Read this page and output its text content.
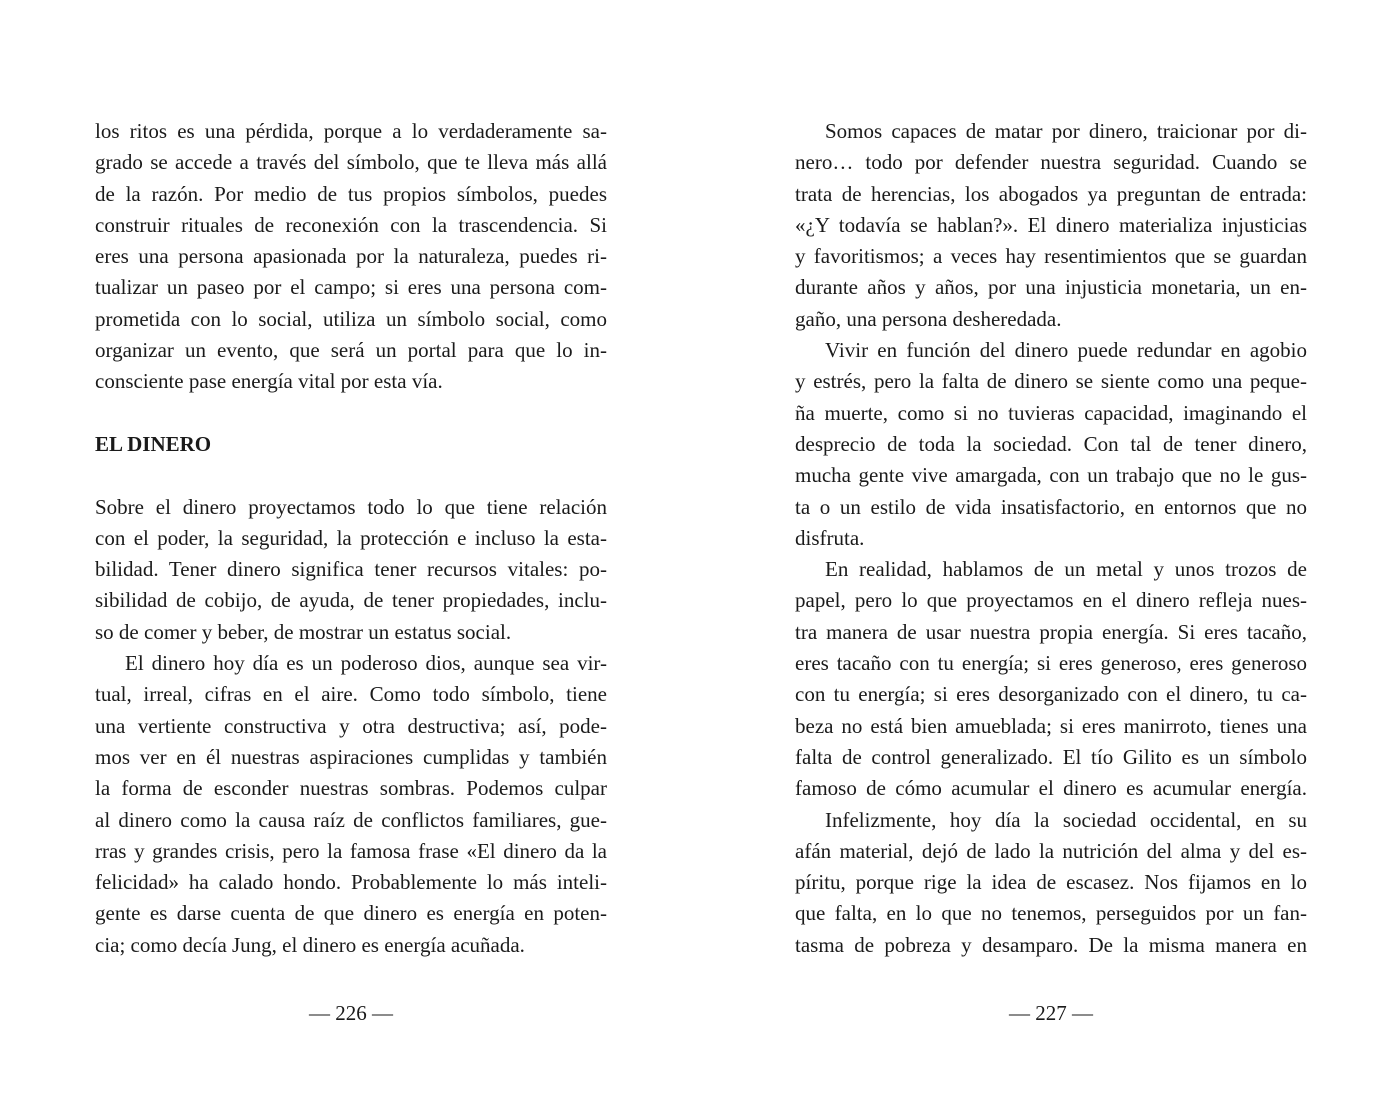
los ritos es una pérdida, porque a lo verdaderamente sa-
grado se accede a través del símbolo, que te lleva más allá
de la razón. Por medio de tus propios símbolos, puedes
construir rituales de reconexión con la trascendencia. Si
eres una persona apasionada por la naturaleza, puedes ri-
tualizar un paseo por el campo; si eres una persona com-
prometida con lo social, utiliza un símbolo social, como
organizar un evento, que será un portal para que lo in-
consciente pase energía vital por esta vía.
EL DINERO
Sobre el dinero proyectamos todo lo que tiene relación
con el poder, la seguridad, la protección e incluso la esta-
bilidad. Tener dinero significa tener recursos vitales: po-
sibilidad de cobijo, de ayuda, de tener propiedades, inclu-
so de comer y beber, de mostrar un estatus social.
El dinero hoy día es un poderoso dios, aunque sea vir-
tual, irreal, cifras en el aire. Como todo símbolo, tiene
una vertiente constructiva y otra destructiva; así, pode-
mos ver en él nuestras aspiraciones cumplidas y también
la forma de esconder nuestras sombras. Podemos culpar
al dinero como la causa raíz de conflictos familiares, gue-
rras y grandes crisis, pero la famosa frase «El dinero da la
felicidad» ha calado hondo. Probablemente lo más inteli-
gente es darse cuenta de que dinero es energía en poten-
cia; como decía Jung, el dinero es energía acuñada.
Somos capaces de matar por dinero, traicionar por di-
nero… todo por defender nuestra seguridad. Cuando se
trata de herencias, los abogados ya preguntan de entrada:
«¿Y todavía se hablan?». El dinero materializa injusticias
y favoritismos; a veces hay resentimientos que se guardan
durante años y años, por una injusticia monetaria, un en-
gaño, una persona desheredada.
Vivir en función del dinero puede redundar en agobio
y estrés, pero la falta de dinero se siente como una peque-
ña muerte, como si no tuvieras capacidad, imaginando el
desprecio de toda la sociedad. Con tal de tener dinero,
mucha gente vive amargada, con un trabajo que no le gus-
ta o un estilo de vida insatisfactorio, en entornos que no
disfruta.
En realidad, hablamos de un metal y unos trozos de
papel, pero lo que proyectamos en el dinero refleja nues-
tra manera de usar nuestra propia energía. Si eres tacaño,
eres tacaño con tu energía; si eres generoso, eres generoso
con tu energía; si eres desorganizado con el dinero, tu ca-
beza no está bien amueblada; si eres manirroto, tienes una
falta de control generalizado. El tío Gilito es un símbolo
famoso de cómo acumular el dinero es acumular energía.
Infelizmente, hoy día la sociedad occidental, en su
afán material, dejó de lado la nutrición del alma y del es-
píritu, porque rige la idea de escasez. Nos fijamos en lo
que falta, en lo que no tenemos, perseguidos por un fan-
tasma de pobreza y desamparo. De la misma manera en
— 226 —	— 227 —
